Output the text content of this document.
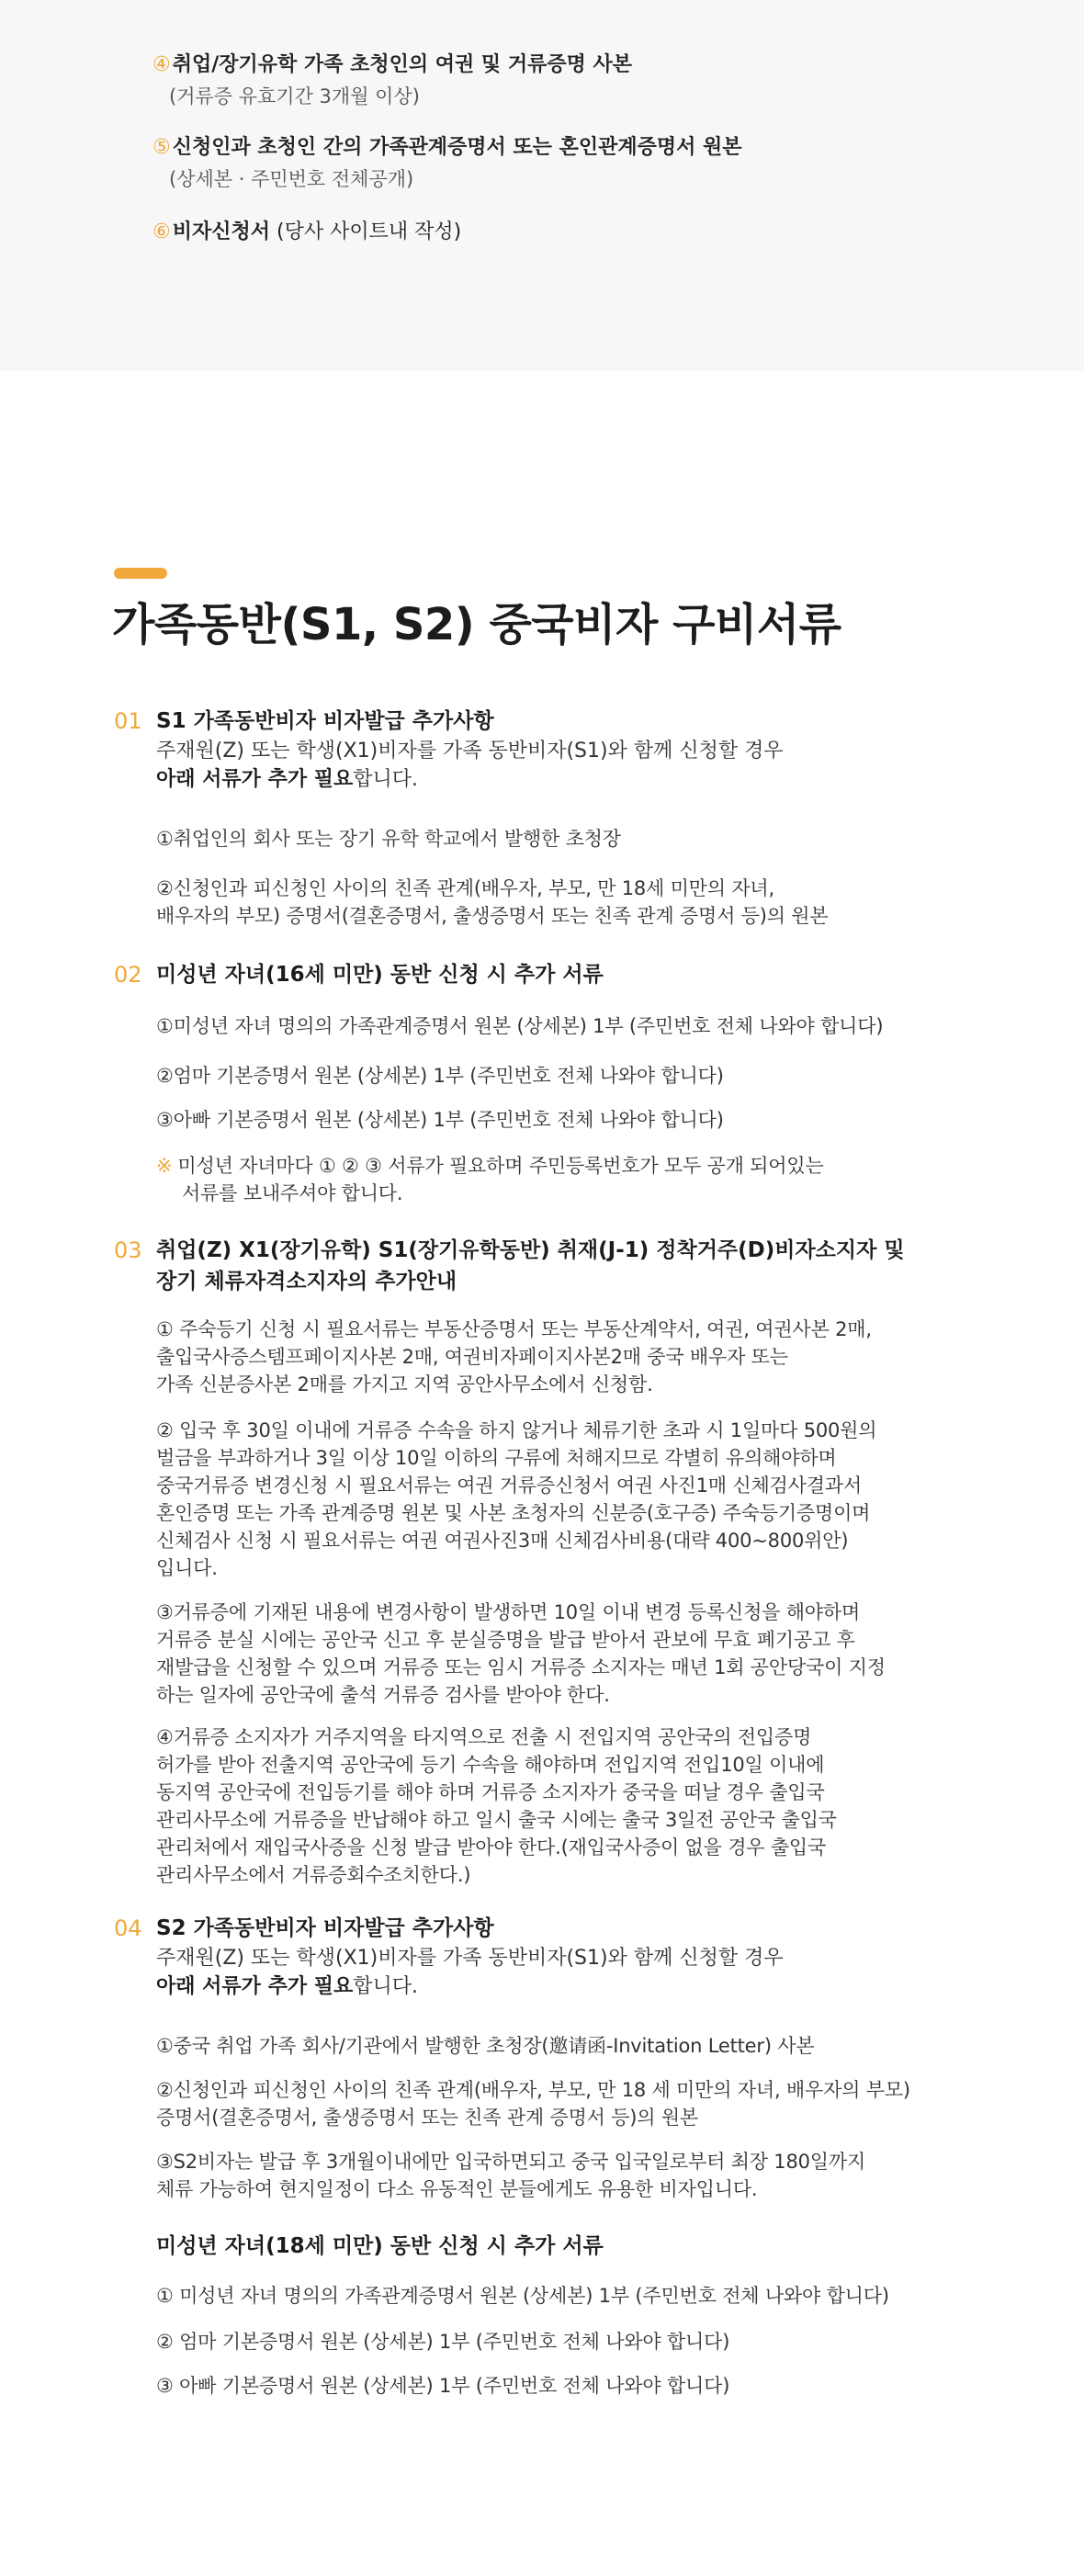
④취업/장기유학 가족 초청인의 여권 및 거류증명 사본
(거류증 유효기간 3개월 이상)
⑤신청인과 초청인 간의 가족관계증명서 또는 혼인관계증명서 원본
(상세본 · 주민번호 전체공개)
⑥비자신청서 (당사 사이트내 작성)
가족동반(S1, S2) 중국비자 구비서류
01 S1 가족동반비자 비자발급 추가사항
주재원(Z) 또는 학생(X1)비자를 가족 동반비자(S1)와 함께 신청할 경우
아래 서류가 추가 필요합니다.
①취업인의 회사 또는 장기 유학 학교에서 발행한 초청장
②신청인과 피신청인 사이의 친족 관계(배우자, 부모, 만 18세 미만의 자녀,
배우자의 부모) 증명서(결혼증명서, 출생증명서 또는 친족 관계 증명서 등)의 원본
02 미성년 자녀(16세 미만) 동반 신청 시 추가 서류
①미성년 자녀 명의의 가족관계증명서 원본 (상세본) 1부 (주민번호 전체 나와야 합니다)
②엄마 기본증명서 원본 (상세본) 1부 (주민번호 전체 나와야 합니다)
③아빠 기본증명서 원본 (상세본) 1부 (주민번호 전체 나와야 합니다)
※ 미성년 자녀마다 ① ② ③ 서류가 필요하며 주민등록번호가 모두 공개 되어있는
서류를 보내주셔야 합니다.
03 취업(Z) X1(장기유학) S1(장기유학동반) 취재(J-1) 정착거주(D)비자소지자 및
장기 체류자격소지자의 추가안내
① 주숙등기 신청 시 필요서류는 부동산증명서 또는 부동산계약서, 여권, 여권사본 2매,
출입국사증스템프페이지사본 2매, 여권비자페이지사본2매 중국 배우자 또는
가족 신분증사본 2매를 가지고 지역 공안사무소에서 신청함.
② 입국 후 30일 이내에 거류증 수속을 하지 않거나 체류기한 초과 시 1일마다 500원의
벌금을 부과하거나 3일 이상 10일 이하의 구류에 처해지므로 각별히 유의해야하며
중국거류증 변경신청 시 필요서류는 여권 거류증신청서 여권 사진1매 신체검사결과서
혼인증명 또는 가족 관계증명 원본 및 사본 초청자의 신분증(호구증) 주숙등기증명이며
신체검사 신청 시 필요서류는 여권 여권사진3매 신체검사비용(대략 400~800위안)
입니다.
③거류증에 기재된 내용에 변경사항이 발생하면 10일 이내 변경 등록신청을 해야하며
거류증 분실 시에는 공안국 신고 후 분실증명을 발급 받아서 관보에 무효 폐기공고 후
재발급을 신청할 수 있으며 거류증 또는 임시 거류증 소지자는 매년 1회 공안당국이 지정
하는 일자에 공안국에 출석 거류증 검사를 받아야 한다.
④거류증 소지자가 거주지역을 타지역으로 전출 시 전입지역 공안국의 전입증명
허가를 받아 전출지역 공안국에 등기 수속을 해야하며 전입지역 전입10일 이내에
동지역 공안국에 전입등기를 해야 하며 거류증 소지자가 중국을 떠날 경우 출입국
관리사무소에 거류증을 반납해야 하고 일시 출국 시에는 출국 3일전 공안국 출입국
관리처에서 재입국사증을 신청 발급 받아야 한다.(재입국사증이 없을 경우 출입국
관리사무소에서 거류증회수조치한다.)
04 S2 가족동반비자 비자발급 추가사항
주재원(Z) 또는 학생(X1)비자를 가족 동반비자(S1)와 함께 신청할 경우
아래 서류가 추가 필요합니다.
①중국 취업 가족 회사/기관에서 발행한 초청장(邀请函-Invitation Letter) 사본
②신청인과 피신청인 사이의 친족 관계(배우자, 부모, 만 18 세 미만의 자녀, 배우자의 부모)
증명서(결혼증명서, 출생증명서 또는 친족 관계 증명서 등)의 원본
③S2비자는 발급 후 3개월이내에만 입국하면되고 중국 입국일로부터 최장 180일까지
체류 가능하여 현지일정이 다소 유동적인 분들에게도 유용한 비자입니다.
미성년 자녀(18세 미만) 동반 신청 시 추가 서류
① 미성년 자녀 명의의 가족관계증명서 원본 (상세본) 1부 (주민번호 전체 나와야 합니다)
② 엄마 기본증명서 원본 (상세본) 1부 (주민번호 전체 나와야 합니다)
③ 아빠 기본증명서 원본 (상세본) 1부 (주민번호 전체 나와야 합니다)
